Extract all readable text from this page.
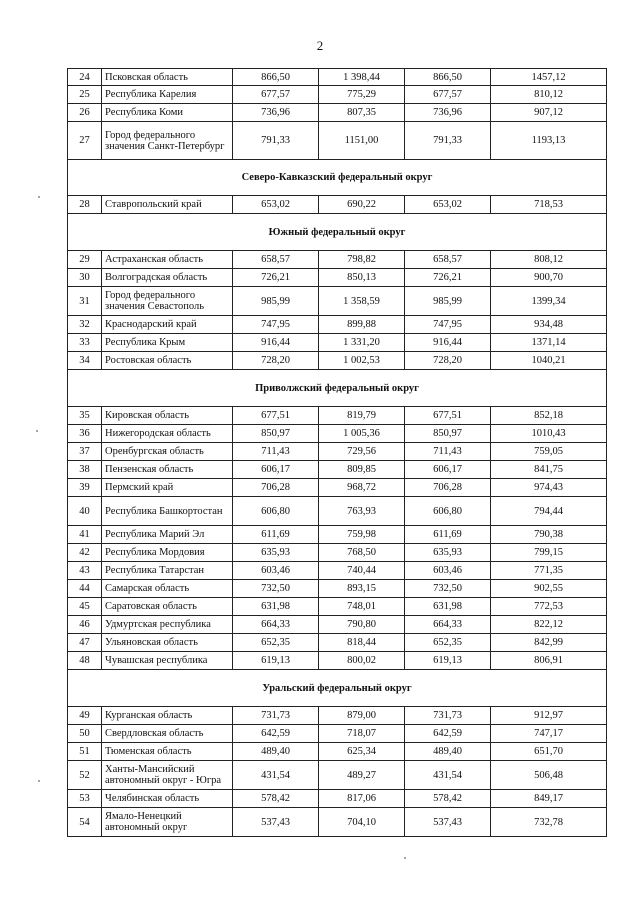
2
24	Псковская область	866,50	1 398,44	866,50	1457,12
25	Республика Карелия	677,57	775,29	677,57	810,12
26	Республика Коми	736,96	807,35	736,96	907,12
27	Город федерального значения Санкт-Петербург	791,33	1151,00	791,33	1193,13
Северо-Кавказский федеральный округ					
28	Ставропольский край	653,02	690,22	653,02	718,53
Южный федеральный округ					
29	Астраханская область	658,57	798,82	658,57	808,12
30	Волгоградская область	726,21	850,13	726,21	900,70
31	Город федерального значения Севастополь	985,99	1 358,59	985,99	1399,34
32	Краснодарский край	747,95	899,88	747,95	934,48
33	Республика Крым	916,44	1 331,20	916,44	1371,14
34	Ростовская область	728,20	1 002,53	728,20	1040,21
Приволжский федеральный округ					
35	Кировская область	677,51	819,79	677,51	852,18
36	Нижегородская область	850,97	1 005,36	850,97	1010,43
37	Оренбургская область	711,43	729,56	711,43	759,05
38	Пензенская область	606,17	809,85	606,17	841,75
39	Пермский край	706,28	968,72	706,28	974,43
40	Республика Башкортостан	606,80	763,93	606,80	794,44
41	Республика Марий Эл	611,69	759,98	611,69	790,38
42	Республика Мордовия	635,93	768,50	635,93	799,15
43	Республика Татарстан	603,46	740,44	603,46	771,35
44	Самарская область	732,50	893,15	732,50	902,55
45	Саратовская область	631,98	748,01	631,98	772,53
46	Удмуртская республика	664,33	790,80	664,33	822,12
47	Ульяновская область	652,35	818,44	652,35	842,99
48	Чувашская республика	619,13	800,02	619,13	806,91
Уральский федеральный округ					
49	Курганская область	731,73	879,00	731,73	912,97
50	Свердловская область	642,59	718,07	642,59	747,17
51	Тюменская область	489,40	625,34	489,40	651,70
52	Ханты-Мансийский автономный округ - Югра	431,54	489,27	431,54	506,48
53	Челябинская область	578,42	817,06	578,42	849,17
54	Ямало-Ненецкий автономный округ	537,43	704,10	537,43	732,78
